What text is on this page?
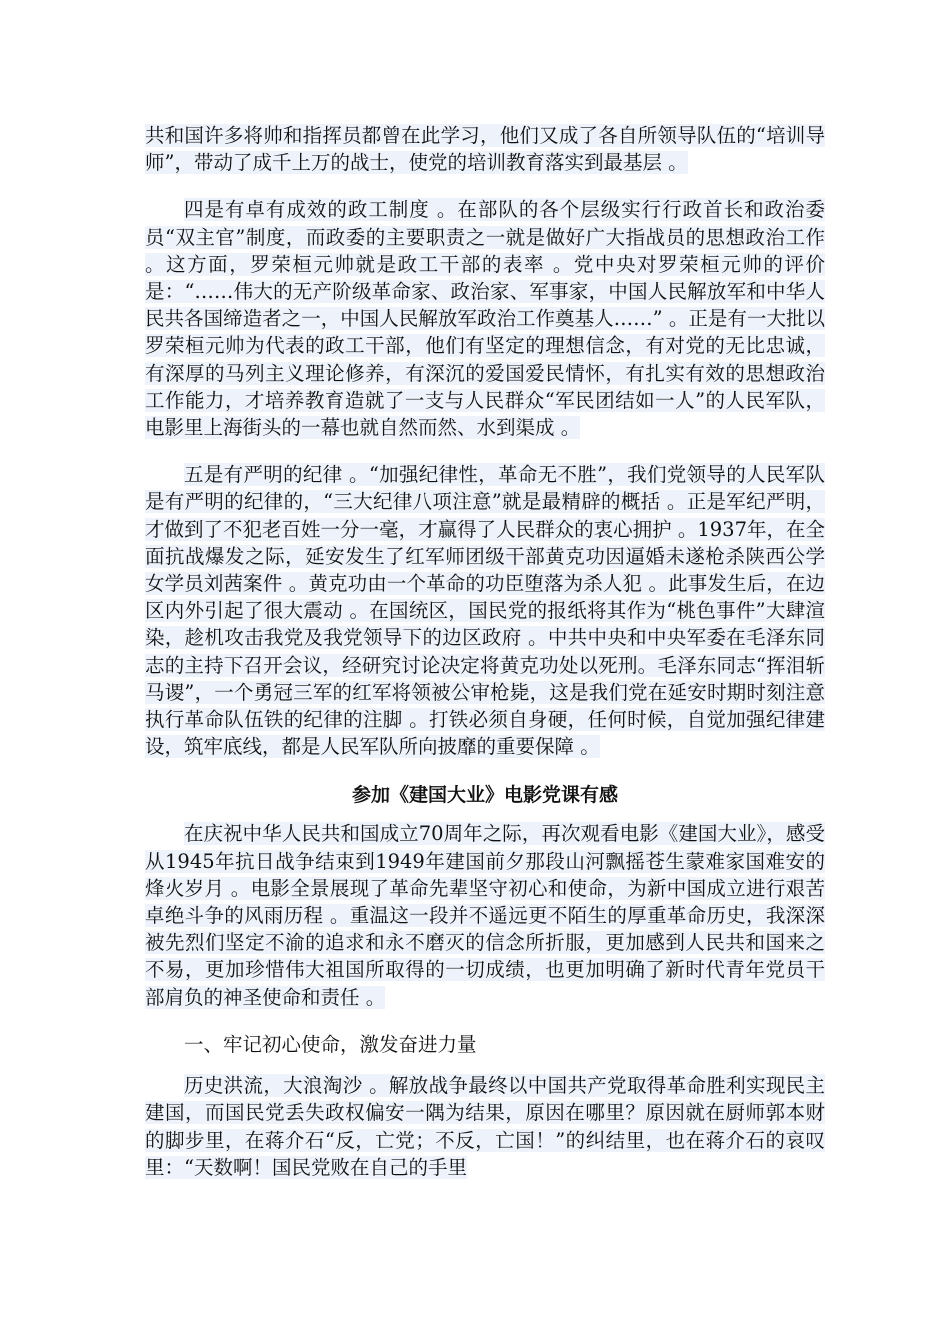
共和国许多将帅和指挥员都曾在此学习，他们又成了各自所领导队伍的“培训导师”，带动了成千上万的战士，使党的培训教育落实到最基层 。

四是有卓有成效的政工制度 。在部队的各个层级实行行政首长和政治委员“双主官”制度，而政委的主要职责之一就是做好广大指战员的思想政治工作 。这方面，罗荣桓元帅就是政工干部的表率 。党中央对罗荣桓元帅的评价是：“……伟大的无产阶级革命家、政治家、军事家，中国人民解放军和中华人民共各国缔造者之一，中国人民解放军政治工作奠基人……” 。正是有一大批以罗荣桓元帅为代表的政工干部，他们有坚定的理想信念，有对党的无比忠诚，有深厚的马列主义理论修养，有深沉的爱国爱民情怀，有扎实有效的思想政治工作能力，才培养教育造就了一支与人民群众“军民团结如一人”的人民军队，电影里上海街头的一幕也就自然而然、水到渠成 。

五是有严明的纪律 。“加强纪律性，革命无不胜”，我们党领导的人民军队是有严明的纪律的，“三大纪律八项注意”就是最精辟的概括 。正是军纪严明，才做到了不犯老百姓一分一毫，才赢得了人民群众的衷心拥护 。1937年，在全面抗战爆发之际，延安发生了红军师团级干部黄克功因逼婚未遂枪杀陕西公学女学员刘茜案件 。黄克功由一个革命的功臣堕落为杀人犯 。此事发生后，在边区内外引起了很大震动 。在国统区，国民党的报纸将其作为“桃色事件”大肆渲染，趁机攻击我党及我党领导下的边区政府 。中共中央和中央军委在毛泽东同志的主持下召开会议，经研究讨论决定将黄克功处以死刑。毛泽东同志“挥泪斩马谡”，一个勇冠三军的红军将领被公审枪毙，这是我们党在延安时期时刻注意执行革命队伍铁的纪律的注脚 。打铁必须自身硬，任何时候，自觉加强纪律建设，筑牢底线，都是人民军队所向披靡的重要保障 。

参加《建国大业》电影党课有感

在庆祝中华人民共和国成立70周年之际，再次观看电影《建国大业》，感受从1945年抗日战争结束到1949年建国前夕那段山河飘摇苍生蒙难家国难安的烽火岁月 。电影全景展现了革命先辈坚守初心和使命，为新中国成立进行艰苦卓绝斗争的风雨历程 。重温这一段并不遥远更不陌生的厚重革命历史，我深深被先烈们坚定不渝的追求和永不磨灭的信念所折服，更加感到人民共和国来之不易，更加珍惜伟大祖国所取得的一切成绩，也更加明确了新时代青年党员干部肩负的神圣使命和责任 。

一、牢记初心使命，激发奋进力量

历史洪流，大浪淘沙 。解放战争最终以中国共产党取得革命胜利实现民主建国，而国民党丢失政权偏安一隅为结果，原因在哪里？原因就在厨师郭本财的脚步里，在蒋介石“反，亡党；不反，亡国！”的纠结里，也在蒋介石的哀叹里：“天数啊！国民党败在自己的手里
